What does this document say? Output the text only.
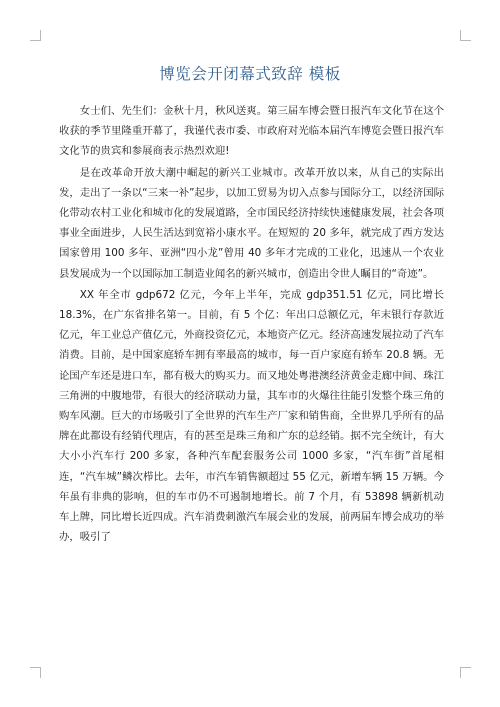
博览会开闭幕式致辞 模板

女士们、先生们：金秋十月，秋风送爽。第三届车博会暨日报汽车文化节在这个收获的季节里隆重开幕了，我谨代表市委、市政府对光临本届汽车博览会暨日报汽车文化节的贵宾和参展商表示热烈欢迎!

是在改革命开放大潮中崛起的新兴工业城市。改革开放以来，从自己的实际出发，走出了一条以“三来一补”起步，以加工贸易为切入点参与国际分工，以经济国际化带动农村工业化和城市化的发展道路，全市国民经济持续快速健康发展，社会各项事业全面进步，人民生活达到宽裕小康水平。在短短的 20 多年，就完成了西方发达国家曾用 100 多年、亚洲“四小龙”曾用 40 多年才完成的工业化，迅速从一个农业县发展成为一个以国际加工制造业闻名的新兴城市，创造出令世人瞩目的“奇迹”。

XX 年全市 gdp672 亿元，今年上半年，完成 gdp351.51 亿元，同比增长 18.3%，在广东省排名第一。目前，有 5 个亿：年出口总额亿元，年末银行存款近亿元，年工业总产值亿元，外商投资亿元，本地资产亿元。经济高速发展拉动了汽车消费。目前，是中国家庭轿车拥有率最高的城市，每一百户家庭有轿车 20.8 辆。无论国产车还是进口车，都有极大的购买力。而又地处粤港澳经济黄金走廊中间、珠江三角洲的中腹地带，有很大的经济联动力量，其车市的火爆往往能引发整个珠三角的购车风潮。巨大的市场吸引了全世界的汽车生产厂家和销售商，全世界几乎所有的品牌在此都设有经销代理店，有的甚至是珠三角和广东的总经销。据不完全统计，有大大小小汽车行 200 多家，各种汽车配套服务公司 1000 多家，“汽车街”首尾相连，“汽车城”鳞次栉比。去年，市汽车销售额超过 55 亿元，新增车辆 15 万辆。今年虽有非典的影响，但的车市仍不可遏制地增长。前 7 个月，有 53898 辆新机动车上牌，同比增长近四成。汽车消费刺激汽车展会业的发展，前两届车博会成功的举办，吸引了
